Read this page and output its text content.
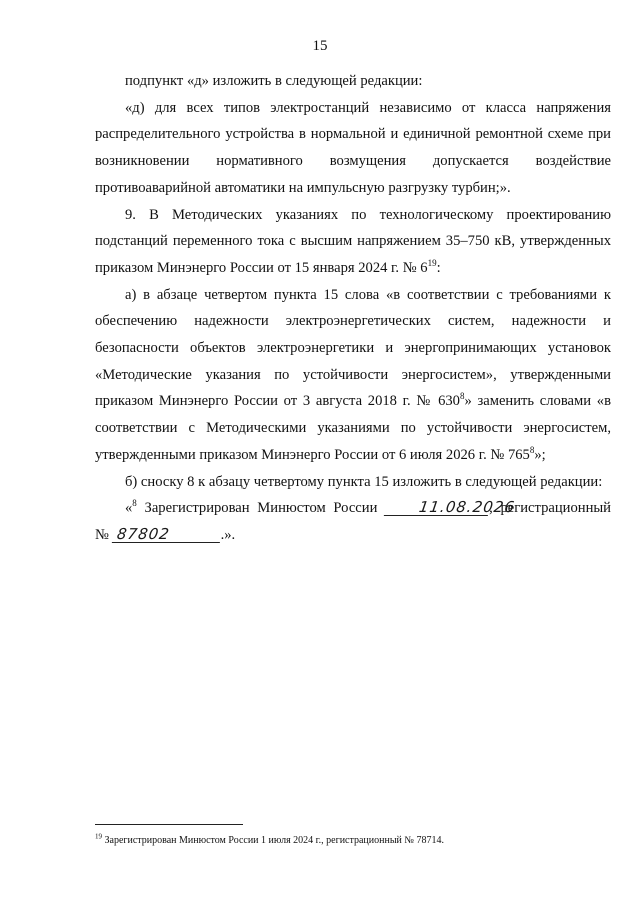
15

подпункт «д» изложить в следующей редакции:

«д) для всех типов электростанций независимо от класса напряжения распределительного устройства в нормальной и единичной ремонтной схеме при возникновении нормативного возмущения допускается воздействие противоаварийной автоматики на импульсную разгрузку турбин;».

9. В Методических указаниях по технологическому проектированию подстанций переменного тока с высшим напряжением 35–750 кВ, утвержденных приказом Минэнерго России от 15 января 2024 г. № $6^{19}$:

а) в абзаце четвертом пункта 15 слова «в соответствии с требованиями к обеспечению надежности электроэнергетических систем, надежности и безопасности объектов электроэнергетики и энергопринимающих установок «Методические указания по устойчивости энергосистем», утвержденными приказом Минэнерго России от 3 августа 2018 г. № $630^8$» заменить словами «в соответствии с Методическими указаниями по устойчивости энергосистем, утвержденными приказом Минэнерго России от 6 июля 2026 г. № $765^8$»;

б) сноску 8 к абзацу четвертому пункта 15 изложить в следующей редакции:

«$^8$ Зарегистрирован Минюстом России 11.08.2026, регистрационный

№ 87802	.».

$^{19}$ Зарегистрирован Минюстом России 1 июля 2024 г., регистрационный № 78714.
